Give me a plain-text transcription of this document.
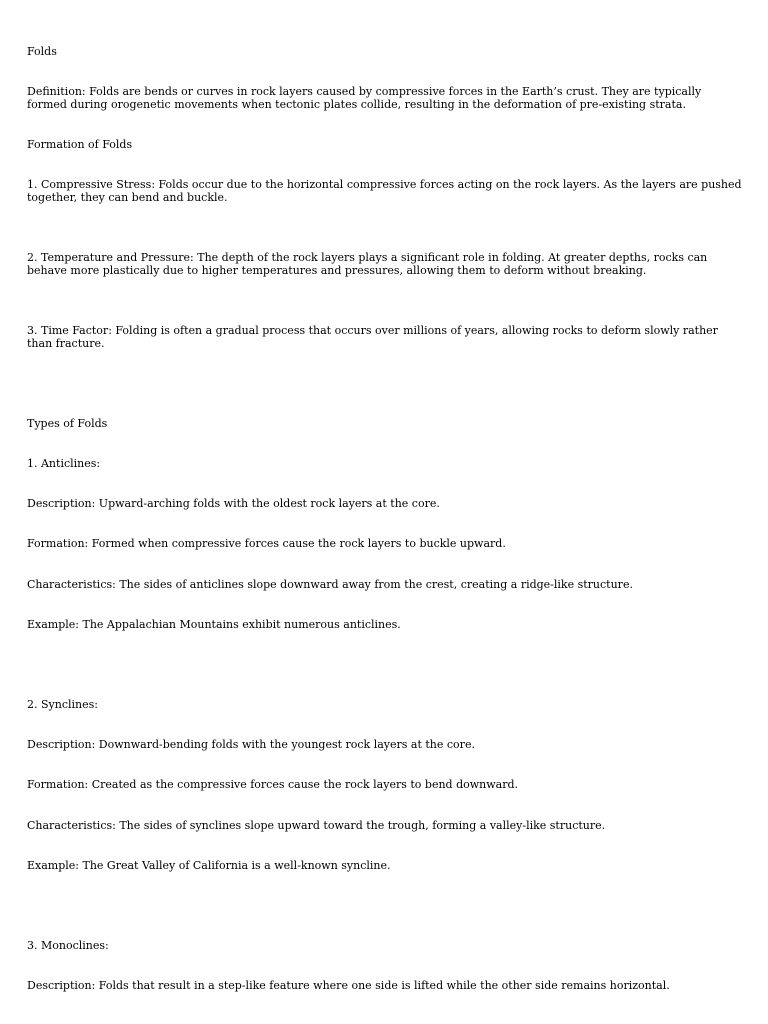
Folds

Definition: Folds are bends or curves in rock layers caused by compressive forces in the Earth’s crust. They are typically formed during orogenetic movements when tectonic plates collide, resulting in the deformation of pre-existing strata.

Formation of Folds

1. Compressive Stress: Folds occur due to the horizontal compressive forces acting on the rock layers. As the layers are pushed together, they can bend and buckle.

2. Temperature and Pressure: The depth of the rock layers plays a significant role in folding. At greater depths, rocks can behave more plastically due to higher temperatures and pressures, allowing them to deform without breaking.

3. Time Factor: Folding is often a gradual process that occurs over millions of years, allowing rocks to deform slowly rather than fracture.

Types of Folds

1. Anticlines:

Description: Upward-arching folds with the oldest rock layers at the core.

Formation: Formed when compressive forces cause the rock layers to buckle upward.

Characteristics: The sides of anticlines slope downward away from the crest, creating a ridge-like structure.

Example: The Appalachian Mountains exhibit numerous anticlines.

2. Synclines:

Description: Downward-bending folds with the youngest rock layers at the core.

Formation: Created as the compressive forces cause the rock layers to bend downward.

Characteristics: The sides of synclines slope upward toward the trough, forming a valley-like structure.

Example: The Great Valley of California is a well-known syncline.

3. Monoclines:

Description: Folds that result in a step-like feature where one side is lifted while the other side remains horizontal.
